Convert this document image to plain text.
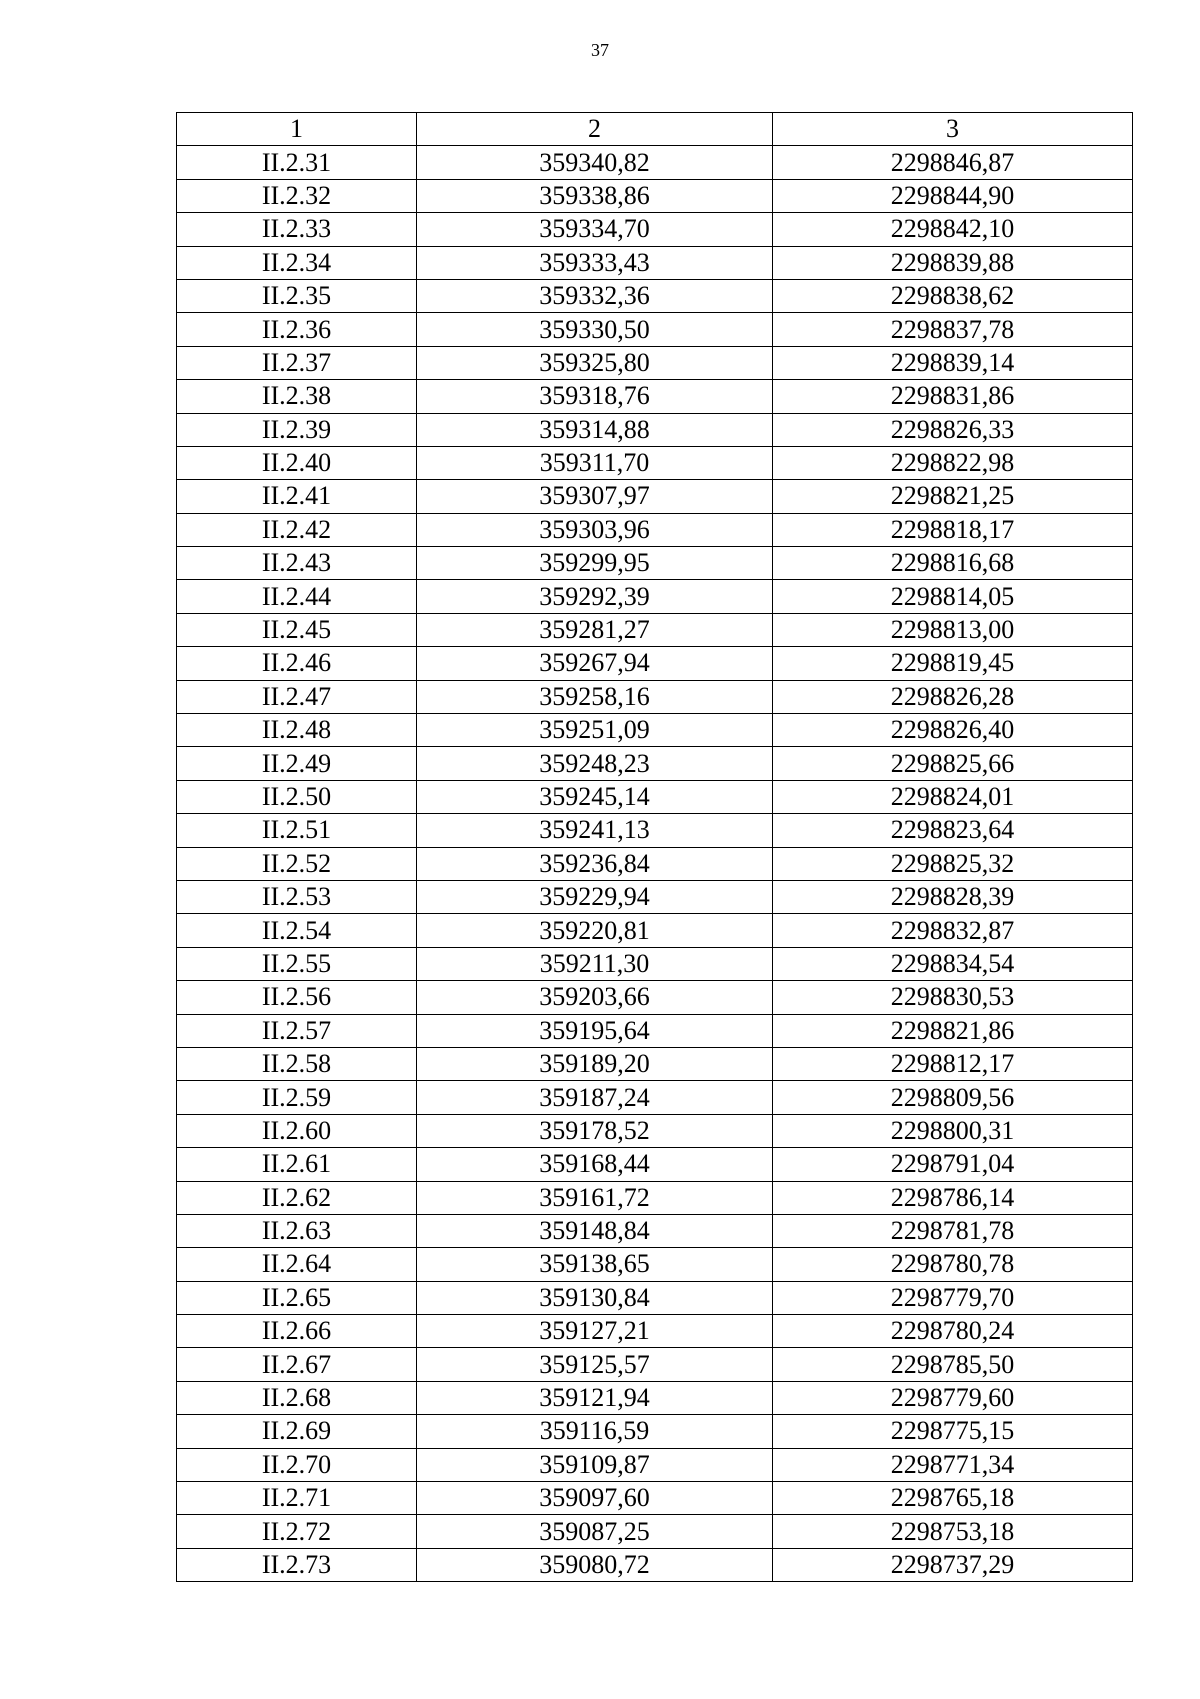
37
1	2	3
II.2.31	359340,82	2298846,87
II.2.32	359338,86	2298844,90
II.2.33	359334,70	2298842,10
II.2.34	359333,43	2298839,88
II.2.35	359332,36	2298838,62
II.2.36	359330,50	2298837,78
II.2.37	359325,80	2298839,14
II.2.38	359318,76	2298831,86
II.2.39	359314,88	2298826,33
II.2.40	359311,70	2298822,98
II.2.41	359307,97	2298821,25
II.2.42	359303,96	2298818,17
II.2.43	359299,95	2298816,68
II.2.44	359292,39	2298814,05
II.2.45	359281,27	2298813,00
II.2.46	359267,94	2298819,45
II.2.47	359258,16	2298826,28
II.2.48	359251,09	2298826,40
II.2.49	359248,23	2298825,66
II.2.50	359245,14	2298824,01
II.2.51	359241,13	2298823,64
II.2.52	359236,84	2298825,32
II.2.53	359229,94	2298828,39
II.2.54	359220,81	2298832,87
II.2.55	359211,30	2298834,54
II.2.56	359203,66	2298830,53
II.2.57	359195,64	2298821,86
II.2.58	359189,20	2298812,17
II.2.59	359187,24	2298809,56
II.2.60	359178,52	2298800,31
II.2.61	359168,44	2298791,04
II.2.62	359161,72	2298786,14
II.2.63	359148,84	2298781,78
II.2.64	359138,65	2298780,78
II.2.65	359130,84	2298779,70
II.2.66	359127,21	2298780,24
II.2.67	359125,57	2298785,50
II.2.68	359121,94	2298779,60
II.2.69	359116,59	2298775,15
II.2.70	359109,87	2298771,34
II.2.71	359097,60	2298765,18
II.2.72	359087,25	2298753,18
II.2.73	359080,72	2298737,29
